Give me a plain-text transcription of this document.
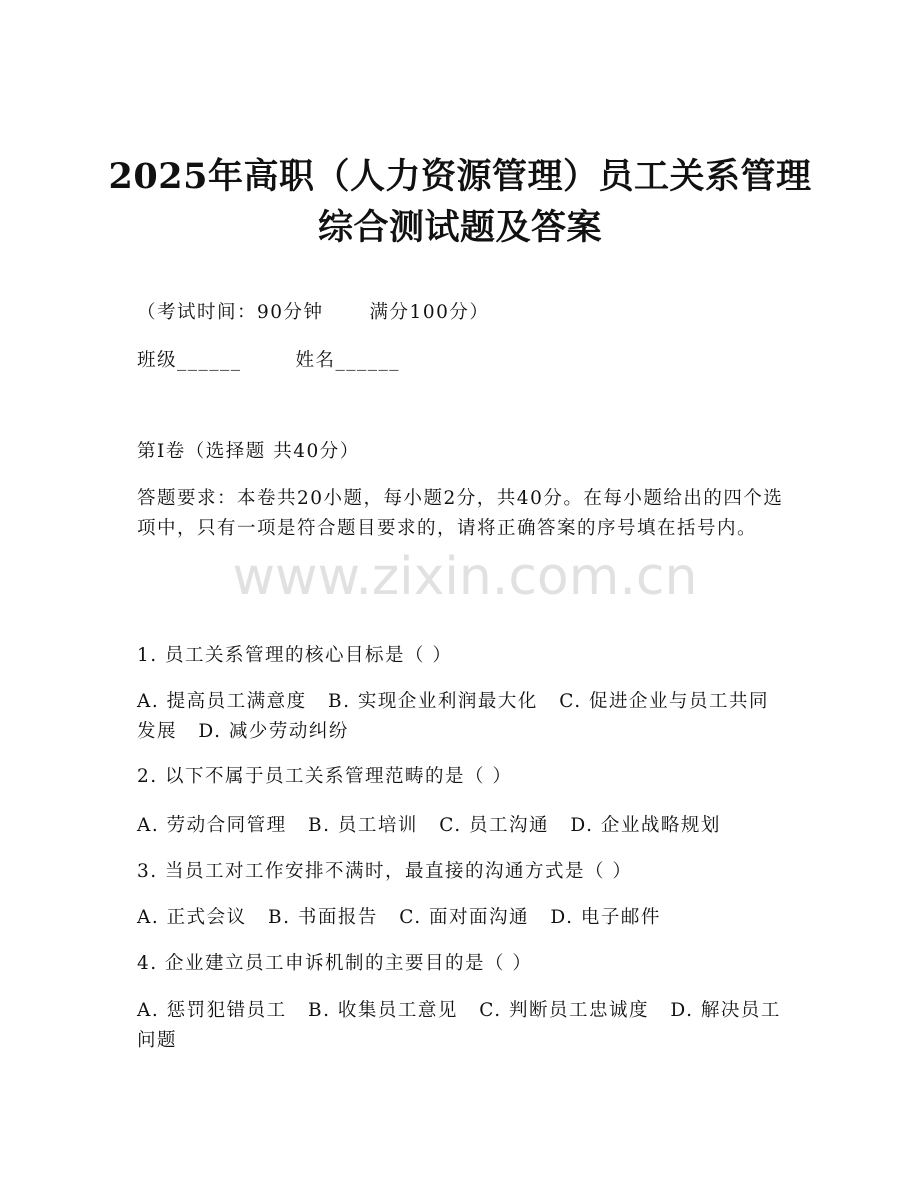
2025年高职（人力资源管理）员工关系管理
综合测试题及答案
（考试时间：90分钟 满分100分）
班级______	姓名______
第Ⅰ卷（选择题 共40分）
答题要求：本卷共20小题，每小题2分，共40分。在每小题给出的四个选项中，只有一项是符合题目要求的，请将正确答案的序号填在括号内。
www.zixin.com.cn
1. 员工关系管理的核心目标是（ ）
A. 提高员工满意度 B. 实现企业利润最大化 C. 促进企业与员工共同发展 D. 减少劳动纠纷
2. 以下不属于员工关系管理范畴的是（ ）
A. 劳动合同管理 B. 员工培训 C. 员工沟通 D. 企业战略规划
3. 当员工对工作安排不满时，最直接的沟通方式是（ ）
A. 正式会议 B. 书面报告 C. 面对面沟通 D. 电子邮件
4. 企业建立员工申诉机制的主要目的是（ ）
A. 惩罚犯错员工 B. 收集员工意见 C. 判断员工忠诚度 D. 解决员工问题
